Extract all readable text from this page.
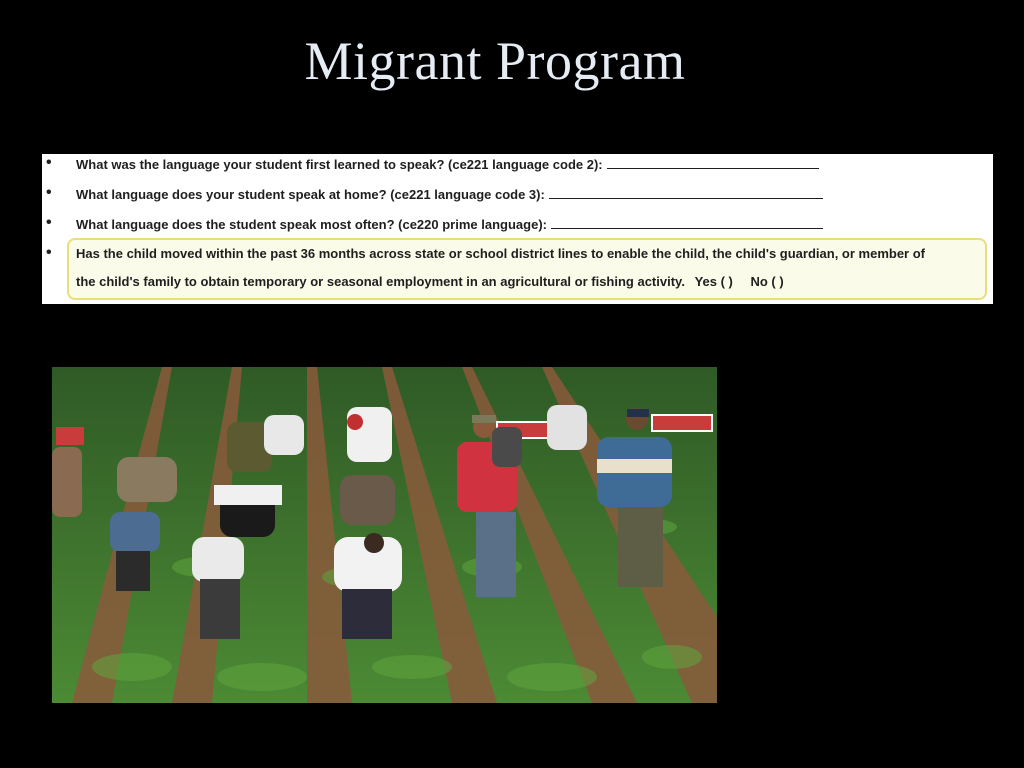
Migrant Program
• What was the language your student first learned to speak? (ce221 language code 2):
• What language does your student speak at home? (ce221 language code 3):
• What language does the student speak most often? (ce220 prime language):
• Has the child moved within the past 36 months across state or school district lines to enable the child, the child's guardian, or member of
the child's family to obtain temporary or seasonal employment in an agricultural or fishing activity. Yes ( ) No ( )
